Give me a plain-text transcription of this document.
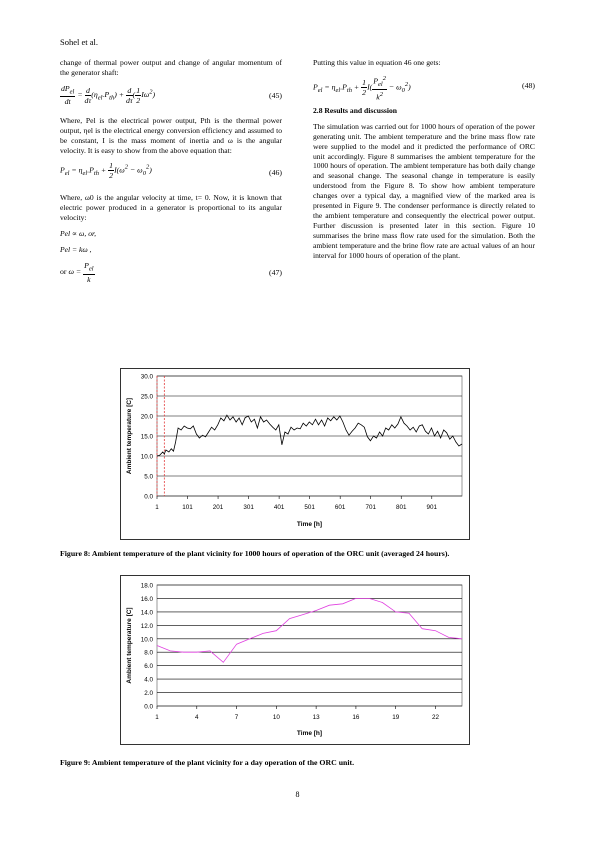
Sohel et al.

change of thermal power output and change of angular momentum of the generator shaft:

$\frac{dP_{el}}{dt} = \frac{d}{d\tau} (\eta_{el}.P_{th}) + \frac{d}{d\tau}$ ( $\frac{1}{2} I\omega^2$)	(45)

Where, Pel is the electrical power output, Pth is the thermal power output, ηel is the electrical energy conversion efficiency and assumed to be constant, I is the mass moment of inertia and ω is the angular velocity. It is easy to show from the above equation that:

$P_{el} = \eta_{el}.P_{th} + \frac{1}{2} I(\omega^2 - \omega_0^2)$	(46)

Where, ω0 is the angular velocity at time, t= 0. Now, it is known that electric power produced in a generator is proportional to its angular velocity:

Pel ∝ ω, or,

Pel = kω ,

or $\omega = \frac{P_{el}}{k}$	(47)

Putting this value in equation 46 one gets:

$P_{el} = \eta_{el}.P_{th} + \frac{1}{2} I( \frac{P_{el}^2}{k^2} - \omega_0^2)$	(48)

2.8 Results and discussion

The simulation was carried out for 1000 hours of operation of the power generating unit. The ambient temperature and the brine mass flow rate were supplied to the model and it predicted the performance of ORC unit accordingly. Figure 8 summarises the ambient temperature for the 1000 hours of operation. The ambient temperature has both daily change and seasonal change. The seasonal change in temperature is easily understood from the Figure 8. To show how ambient temperature changes over a typical day, a magnified view of the marked area is presented in Figure 9. The condenser performance is directly related to the ambient temperature and consequently the electrical power output. Further discussion is presented later in this section. Figure 10 summarises the brine mass flow rate used for the simulation. Both the ambient temperature and the brine flow rate are actual values of an hour interval for 1000 hours of operation of the plant.

0.0
5.0
10.0
15.0
20.0
25.0
30.0
1	101	201	301	401	501	601	701	801	901
Time [h]
Ambient temperature [C]
Figure 8: Ambient temperature of the plant vicinity for 1000 hours of operation of the ORC unit (averaged 24 hours).
0.0
2.0
4.0
6.0
8.0
10.0
12.0
14.0
16.0
18.0
1	4	7	10	13	16	19	22
Time [h]
Ambient temperature [C]
Figure 9: Ambient temperature of the plant vicinity for a day operation of the ORC unit.
8
